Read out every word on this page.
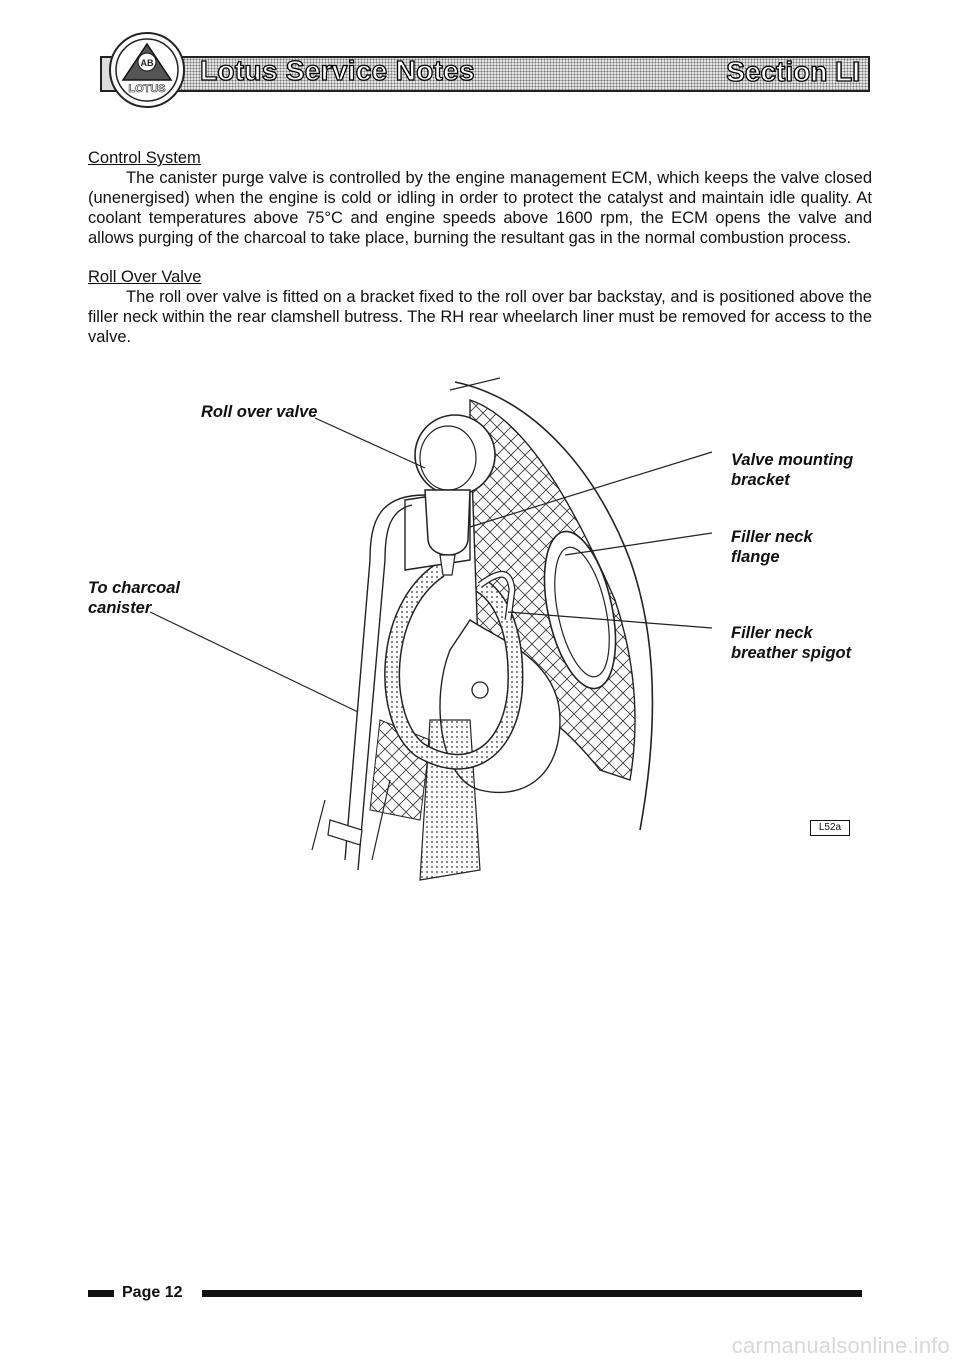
AB
LOTUS
Lotus Service Notes	Section LI
Control System
The canister purge valve is controlled by the engine management ECM, which keeps the valve closed (unenergised) when the engine is cold or idling in order to protect the catalyst and maintain idle quality. At coolant temperatures above 75°C and engine speeds above 1600 rpm, the ECM opens the valve and allows purging of the charcoal to take place, burning the resultant gas in the normal combustion process.
Roll Over Valve
The roll over valve is fitted on a bracket fixed to the roll over bar backstay, and is positioned above the filler neck within the rear clamshell butress. The RH rear wheelarch liner must be removed for access to the valve.
Roll over valve
To charcoal
canister
Valve mounting
bracket
Filler neck
flange
Filler neck
breather spigot
L52a
Page 12
carmanualsonline.info
